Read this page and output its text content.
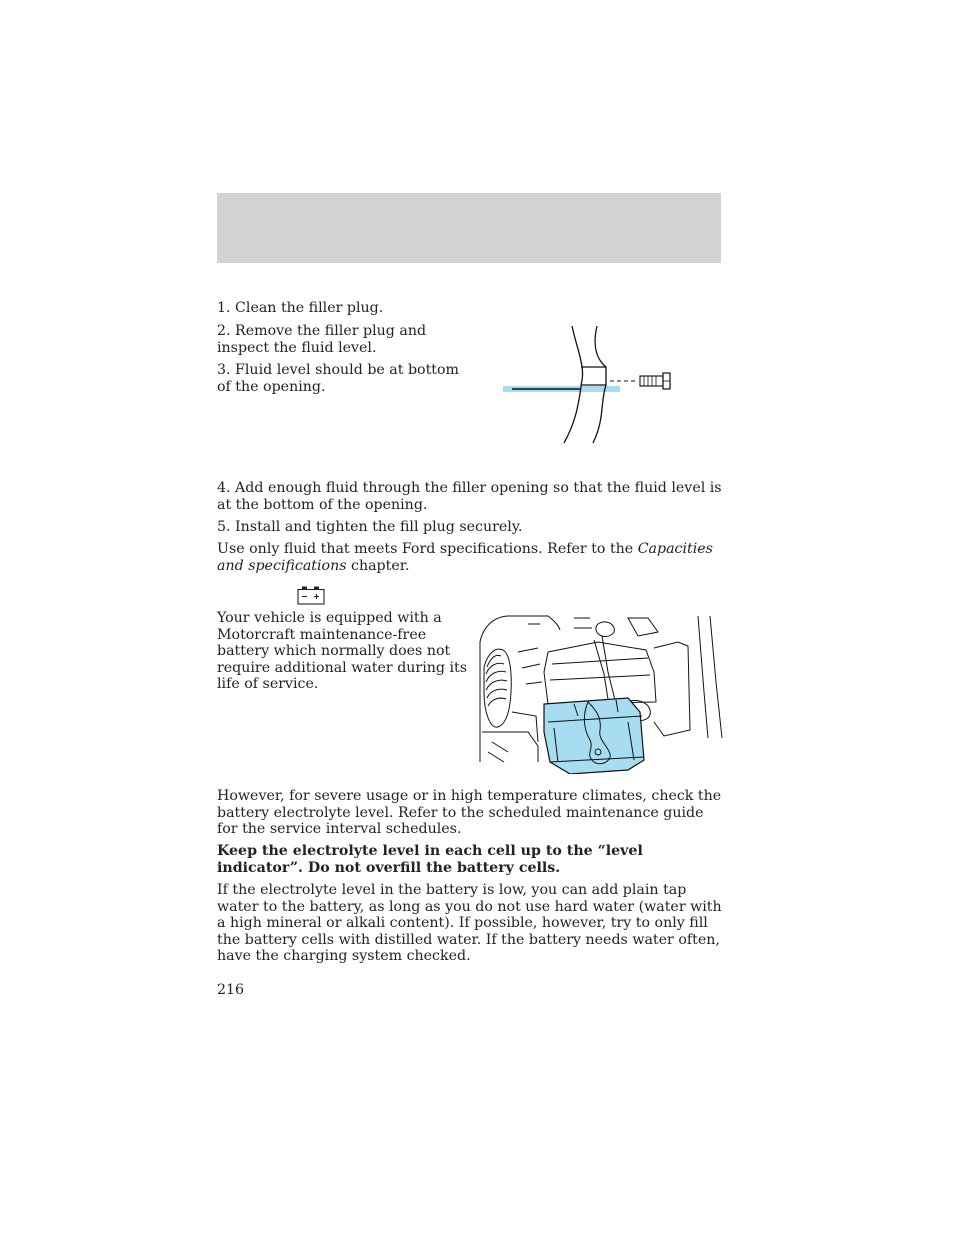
1. Clean the filler plug.

2. Remove the filler plug and inspect the fluid level.

3. Fluid level should be at bottom of the opening.

4. Add enough fluid through the filler opening so that the fluid level is at the bottom of the opening.

5. Install and tighten the fill plug securely.

Use only fluid that meets Ford specifications. Refer to the Capacities and specifications chapter.

Your vehicle is equipped with a Motorcraft maintenance-free battery which normally does not require additional water during its life of service.

However, for severe usage or in high temperature climates, check the battery electrolyte level. Refer to the scheduled maintenance guide for the service interval schedules.

Keep the electrolyte level in each cell up to the “level indicator”. Do not overfill the battery cells.

If the electrolyte level in the battery is low, you can add plain tap water to the battery, as long as you do not use hard water (water with a high mineral or alkali content). If possible, however, try to only fill the battery cells with distilled water. If the battery needs water often, have the charging system checked.

216
